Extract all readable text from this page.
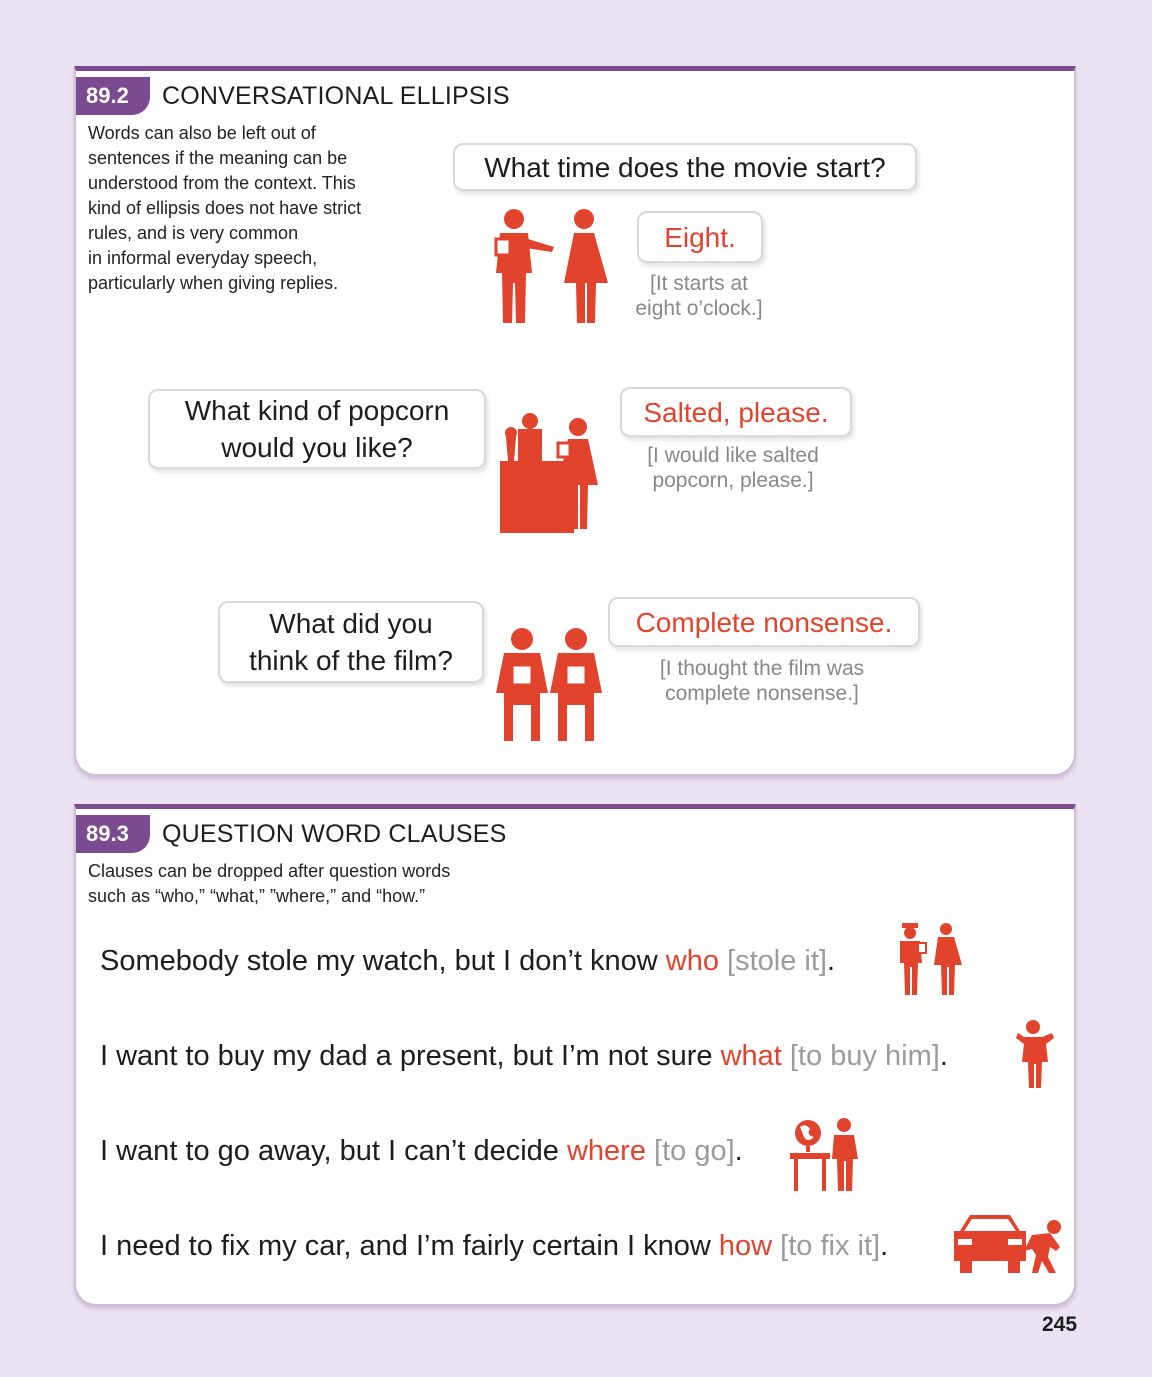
89.2	CONVERSATIONAL ELLIPSIS
Words can also be left out of
sentences if the meaning can be
understood from the context. This
kind of ellipsis does not have strict
rules, and is very common
in informal everyday speech,
particularly when giving replies.
What time does the movie start?
Eight.
[It starts at
eight o’clock.]
What kind of popcorn
would you like?
Salted, please.
[I would like salted
popcorn, please.]
What did you
think of the film?
Complete nonsense.
[I thought the film was
complete nonsense.]
89.3	QUESTION WORD CLAUSES
Clauses can be dropped after question words
such as “who,” “what,” ”where,” and “how.”
Somebody stole my watch, but I don’t know who [stole it].
I want to buy my dad a present, but I’m not sure what [to buy him].
I want to go away, but I can’t decide where [to go].
I need to fix my car, and I’m fairly certain I know how [to fix it].
245
